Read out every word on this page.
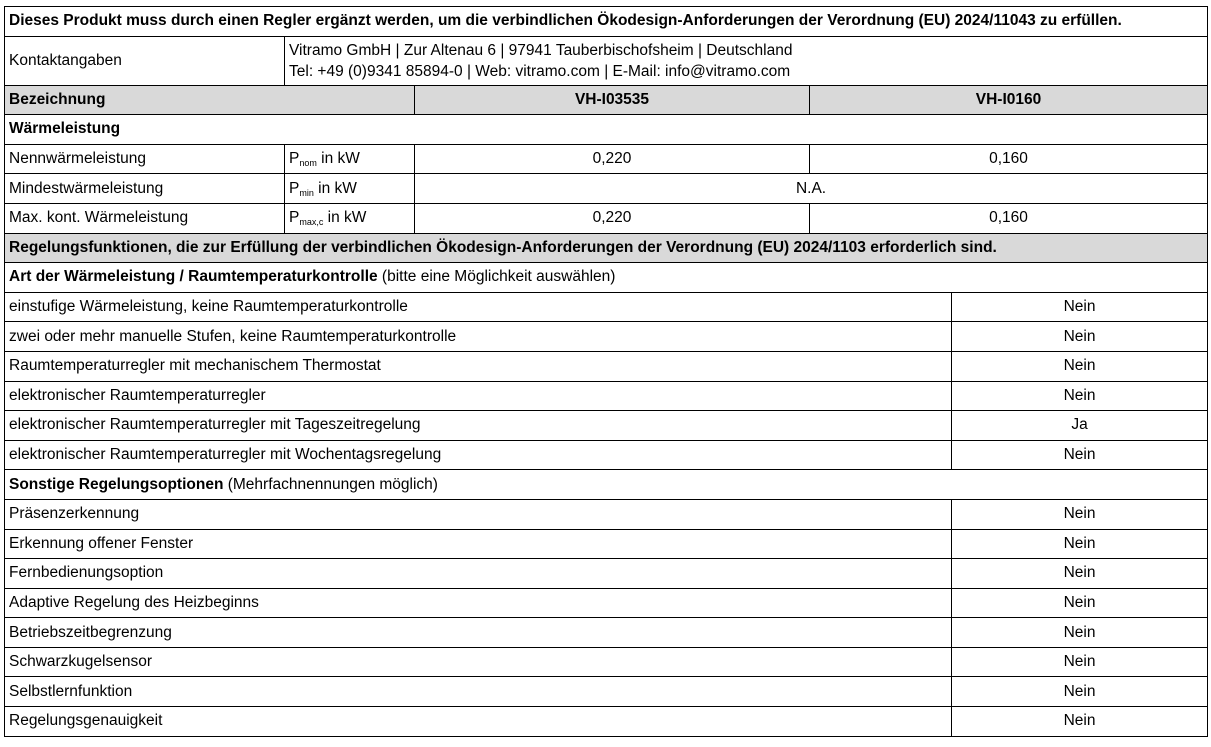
Dieses Produkt muss durch einen Regler ergänzt werden, um die verbindlichen Ökodesign-Anforderungen der Verordnung (EU) 2024/11043 zu erfüllen.				
Kontaktangaben	Vitramo GmbH | Zur Altenau 6 | 97941 Tauberbischofsheim | Deutschland
Tel: +49 (0)9341 85894-0 | Web: vitramo.com | E-Mail: info@vitramo.com			

Bezeichnung		VH-I03535	VH-I0160	
Wärmeleistung				
Nennwärmeleistung	$P_{nom}$ in kW	0,220	0,160	
Mindestwärmeleistung	$P_{min}$ in kW	N.A.		
Max. kont. Wärmeleistung	$P_{max,c}$ in kW	0,220	0,160	
Regelungsfunktionen, die zur Erfüllung der verbindlichen Ökodesign-Anforderungen der Verordnung (EU) 2024/1103 erforderlich sind.				
Art der Wärmeleistung / Raumtemperaturkontrolle (bitte eine Möglichkeit auswählen)				
einstufige Wärmeleistung, keine Raumtemperaturkontrolle				Nein
zwei oder mehr manuelle Stufen, keine Raumtemperaturkontrolle				Nein
Raumtemperaturregler mit mechanischem Thermostat				Nein
elektronischer Raumtemperaturregler				Nein
elektronischer Raumtemperaturregler mit Tageszeitregelung				Ja
elektronischer Raumtemperaturregler mit Wochentagsregelung				Nein
Sonstige Regelungsoptionen (Mehrfachnennungen möglich)				
Präsenzerkennung				Nein
Erkennung offener Fenster				Nein
Fernbedienungsoption				Nein
Adaptive Regelung des Heizbeginns				Nein
Betriebszeitbegrenzung				Nein
Schwarzkugelsensor				Nein
Selbstlernfunktion				Nein
Regelungsgenauigkeit				Nein
